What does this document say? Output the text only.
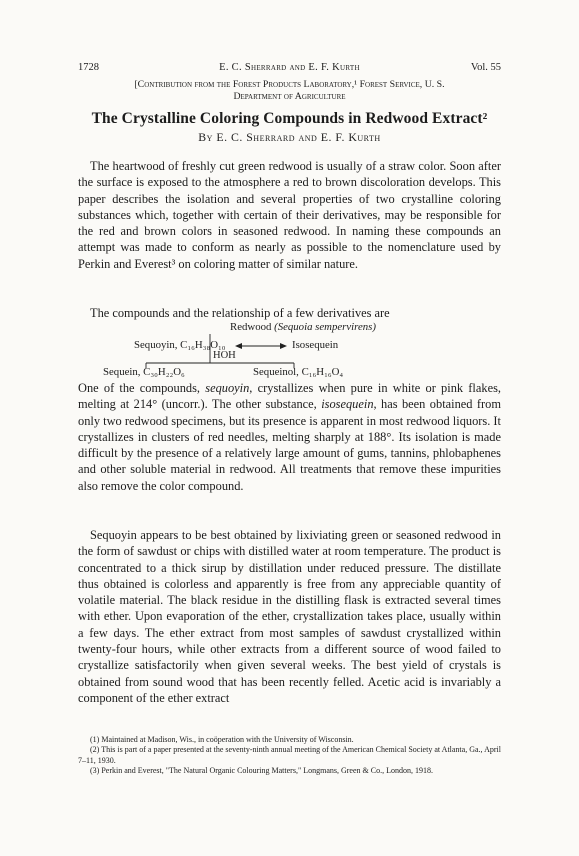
1728	E. C. Sherrard and E. F. Kurth	Vol. 55
[Contribution from the Forest Products Laboratory,¹ Forest Service, U. S.
Department of Agriculture
The Crystalline Coloring Compounds in Redwood Extract²
By E. C. Sherrard and E. F. Kurth

The heartwood of freshly cut green redwood is usually of a straw color. Soon after the surface is exposed to the atmosphere a red to brown discoloration develops. This paper describes the isolation and several properties of two crystalline coloring substances which, together with certain of their derivatives, may be responsible for the red and brown colors in seasoned redwood. In naming these compounds an attempt was made to conform as nearly as possible to the nomenclature used by Perkin and Everest³ on coloring matter of similar nature.

The compounds and the relationship of a few derivatives are

Redwood (Sequoia sempervirens)
Sequoyin, C₁₆H₃₈O₁₀	Isosequein
HOH
Sequein, C₃₀H₂₂O₆	Sequeinol, C₁₆H₁₆O₄

One of the compounds, sequoyin, crystallizes when pure in white or pink flakes, melting at 214° (uncorr.). The other substance, isosequein, has been obtained from only two redwood specimens, but its presence is apparent in most redwood liquors. It crystallizes in clusters of red needles, melting sharply at 188°. Its isolation is made difficult by the presence of a relatively large amount of gums, tannins, phlobaphenes and other soluble material in redwood. All treatments that remove these impurities also remove the color compound.

Sequoyin appears to be best obtained by lixiviating green or seasoned redwood in the form of sawdust or chips with distilled water at room temperature. The product is concentrated to a thick sirup by distillation under reduced pressure. The distillate thus obtained is colorless and apparently is free from any appreciable quantity of volatile material. The black residue in the distilling flask is extracted several times with ether. Upon evaporation of the ether, crystallization takes place, usually within a few days. The ether extract from most samples of sawdust crystallized within twenty-four hours, while other extracts from a different source of wood failed to crystallize satisfactorily when given several weeks. The best yield of crystals is obtained from sound wood that has been recently felled. Acetic acid is invariably a component of the ether extract

(1) Maintained at Madison, Wis., in coöperation with the University of Wisconsin.

(2) This is part of a paper presented at the seventy-ninth annual meeting of the American Chemical Society at Atlanta, Ga., April 7–11, 1930.

(3) Perkin and Everest, "The Natural Organic Colouring Matters," Longmans, Green & Co., London, 1918.
